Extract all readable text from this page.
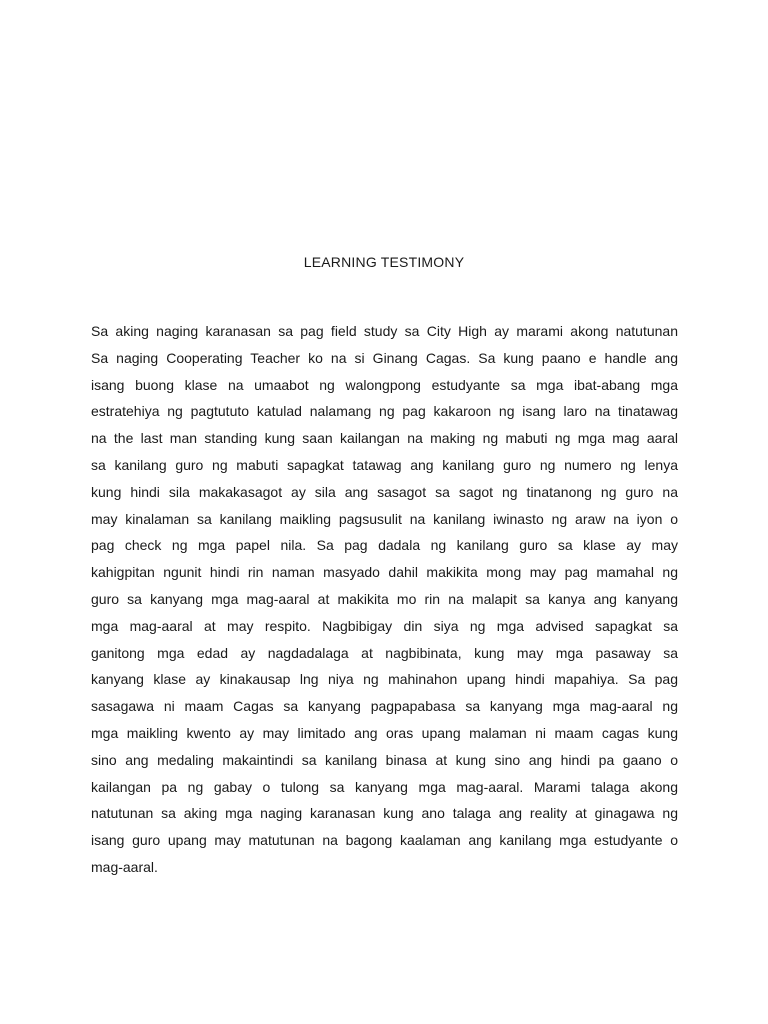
LEARNING TESTIMONY
Sa aking naging karanasan sa pag field study sa City High ay marami akong natutunan
Sa naging Cooperating Teacher ko na si Ginang Cagas. Sa kung paano e handle ang
isang buong klase na umaabot ng walongpong estudyante sa mga ibat-abang mga
estratehiya ng pagtututo katulad nalamang ng pag kakaroon ng isang laro na tinatawag
na the last man standing kung saan kailangan na making ng mabuti ng mga mag aaral
sa kanilang guro ng mabuti sapagkat tatawag ang kanilang guro ng numero ng lenya
kung hindi sila makakasagot ay sila ang sasagot sa sagot ng tinatanong ng guro na
may kinalaman sa kanilang maikling pagsusulit na kanilang iwinasto ng araw na iyon o
pag check ng mga papel nila. Sa pag dadala ng kanilang guro sa klase ay may
kahigpitan ngunit hindi rin naman masyado dahil makikita mong may pag mamahal ng
guro sa kanyang mga mag-aaral at makikita mo rin na malapit sa kanya ang kanyang
mga mag-aaral at may respito. Nagbibigay din siya ng mga advised sapagkat sa
ganitong mga edad ay nagdadalaga at nagbibinata, kung may mga pasaway sa
kanyang klase ay kinakausap lng niya ng mahinahon upang hindi mapahiya. Sa pag
sasagawa ni maam Cagas sa kanyang pagpapabasa sa kanyang mga mag-aaral ng
mga maikling kwento ay may limitado ang oras upang malaman ni maam cagas kung
sino ang medaling makaintindi sa kanilang binasa at kung sino ang hindi pa gaano o
kailangan pa ng gabay o tulong sa kanyang mga mag-aaral. Marami talaga akong
natutunan sa aking mga naging karanasan kung ano talaga ang reality at ginagawa ng
isang guro upang may matutunan na bagong kaalaman ang kanilang mga estudyante o
mag-aaral.
